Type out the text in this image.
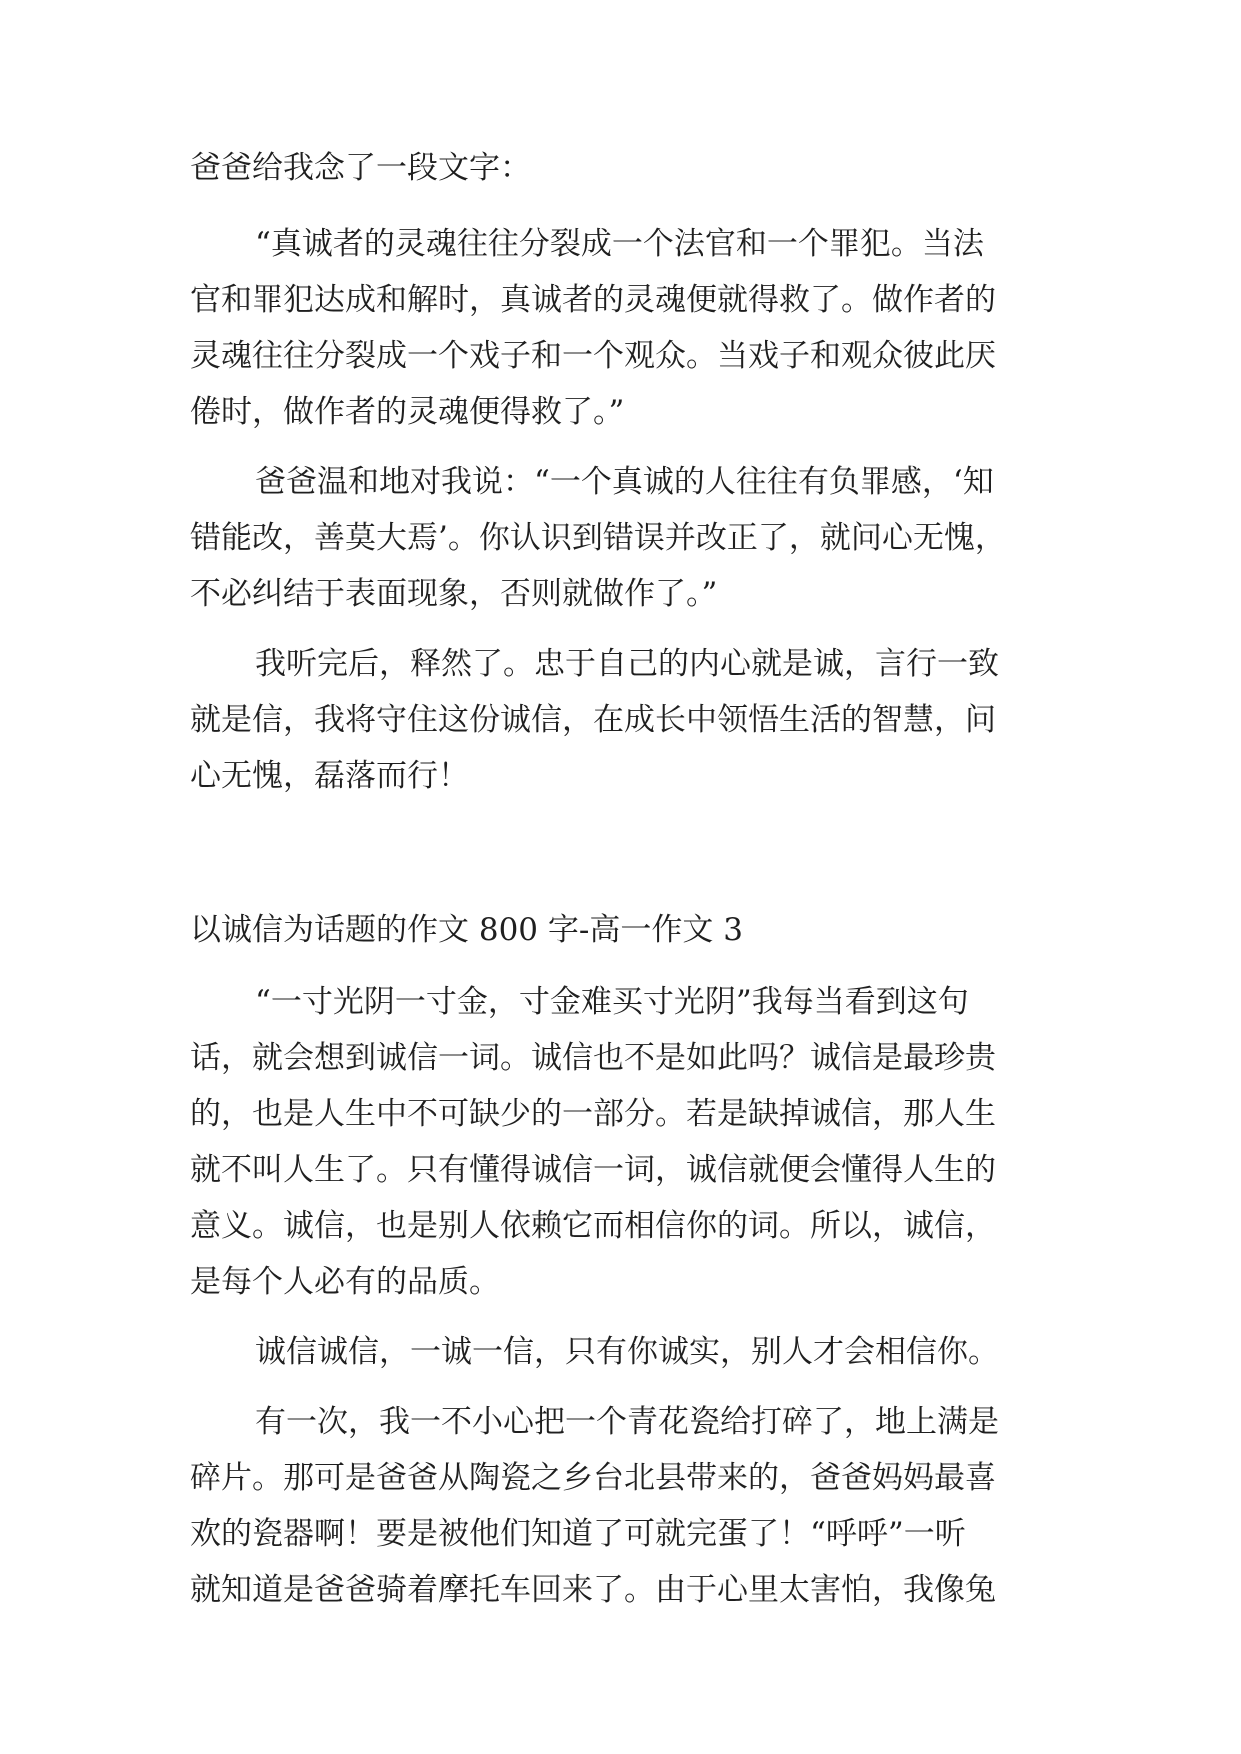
爸爸给我念了一段文字：
“真诚者的灵魂往往分裂成一个法官和一个罪犯。当法
官和罪犯达成和解时，真诚者的灵魂便就得救了。做作者的
灵魂往往分裂成一个戏子和一个观众。当戏子和观众彼此厌
倦时，做作者的灵魂便得救了。”
爸爸温和地对我说：“一个真诚的人往往有负罪感，‘知
错能改，善莫大焉’。你认识到错误并改正了，就问心无愧，
不必纠结于表面现象，否则就做作了。”
我听完后，释然了。忠于自己的内心就是诚，言行一致
就是信，我将守住这份诚信，在成长中领悟生活的智慧，问
心无愧，磊落而行！
以诚信为话题的作文 800 字-高一作文 3
“一寸光阴一寸金，寸金难买寸光阴”我每当看到这句
话，就会想到诚信一词。诚信也不是如此吗？诚信是最珍贵
的，也是人生中不可缺少的一部分。若是缺掉诚信，那人生
就不叫人生了。只有懂得诚信一词，诚信就便会懂得人生的
意义。诚信，也是别人依赖它而相信你的词。所以，诚信，
是每个人必有的品质。
诚信诚信，一诚一信，只有你诚实，别人才会相信你。
有一次，我一不小心把一个青花瓷给打碎了，地上满是
碎片。那可是爸爸从陶瓷之乡台北县带来的，爸爸妈妈最喜
欢的瓷器啊！要是被他们知道了可就完蛋了！“呼呼”一听
就知道是爸爸骑着摩托车回来了。由于心里太害怕，我像兔
